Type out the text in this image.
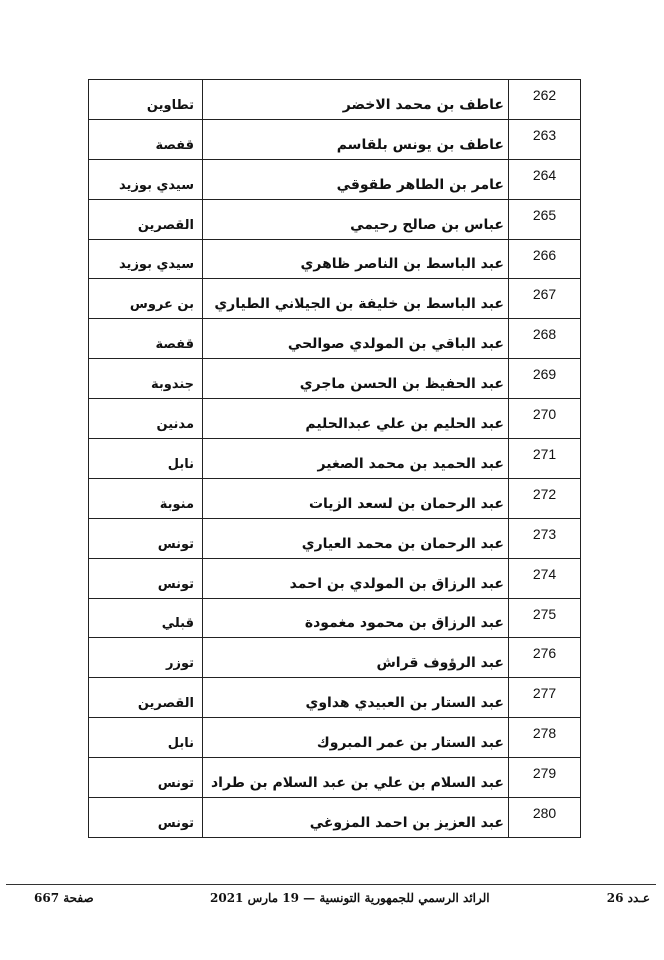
262
عاطف بن محمد الاخضر
تطاوين
263
عاطف بن يونس بلقاسم
قفصة
264
عامر بن الطاهر طقوقي
سيدي بوزيد
265
عباس بن صالح رحيمي
القصرين
266
عبد الباسط بن الناصر ظاهري
سيدي بوزيد
267
عبد الباسط بن خليفة بن الجيلاني الطياري
بن عروس
268
عبد الباقي بن المولدي صوالحي
قفصة
269
عبد الحفيظ بن الحسن ماجري
جندوبة
270
عبد الحليم بن علي عبدالحليم
مدنين
271
عبد الحميد بن محمد الصغير
نابل
272
عبد الرحمان بن لسعد الزيات
منوبة
273
عبد الرحمان بن محمد العياري
تونس
274
عبد الرزاق بن المولدي بن احمد
تونس
275
عبد الرزاق بن محمود مغمودة
قبلي
276
عبد الرؤوف قراش
توزر
277
عبد الستار بن العبيدي هداوي
القصرين
278
عبد الستار بن عمر المبروك
نابل
279
عبد السلام بن علي بن عبد السلام بن طراد
تونس
280
عبد العزيز بن احمد المزوغي
تونس
صفحة 667	الرائد الرسمي للجمهورية التونسية — 19 مارس 2021	عـدد 26
